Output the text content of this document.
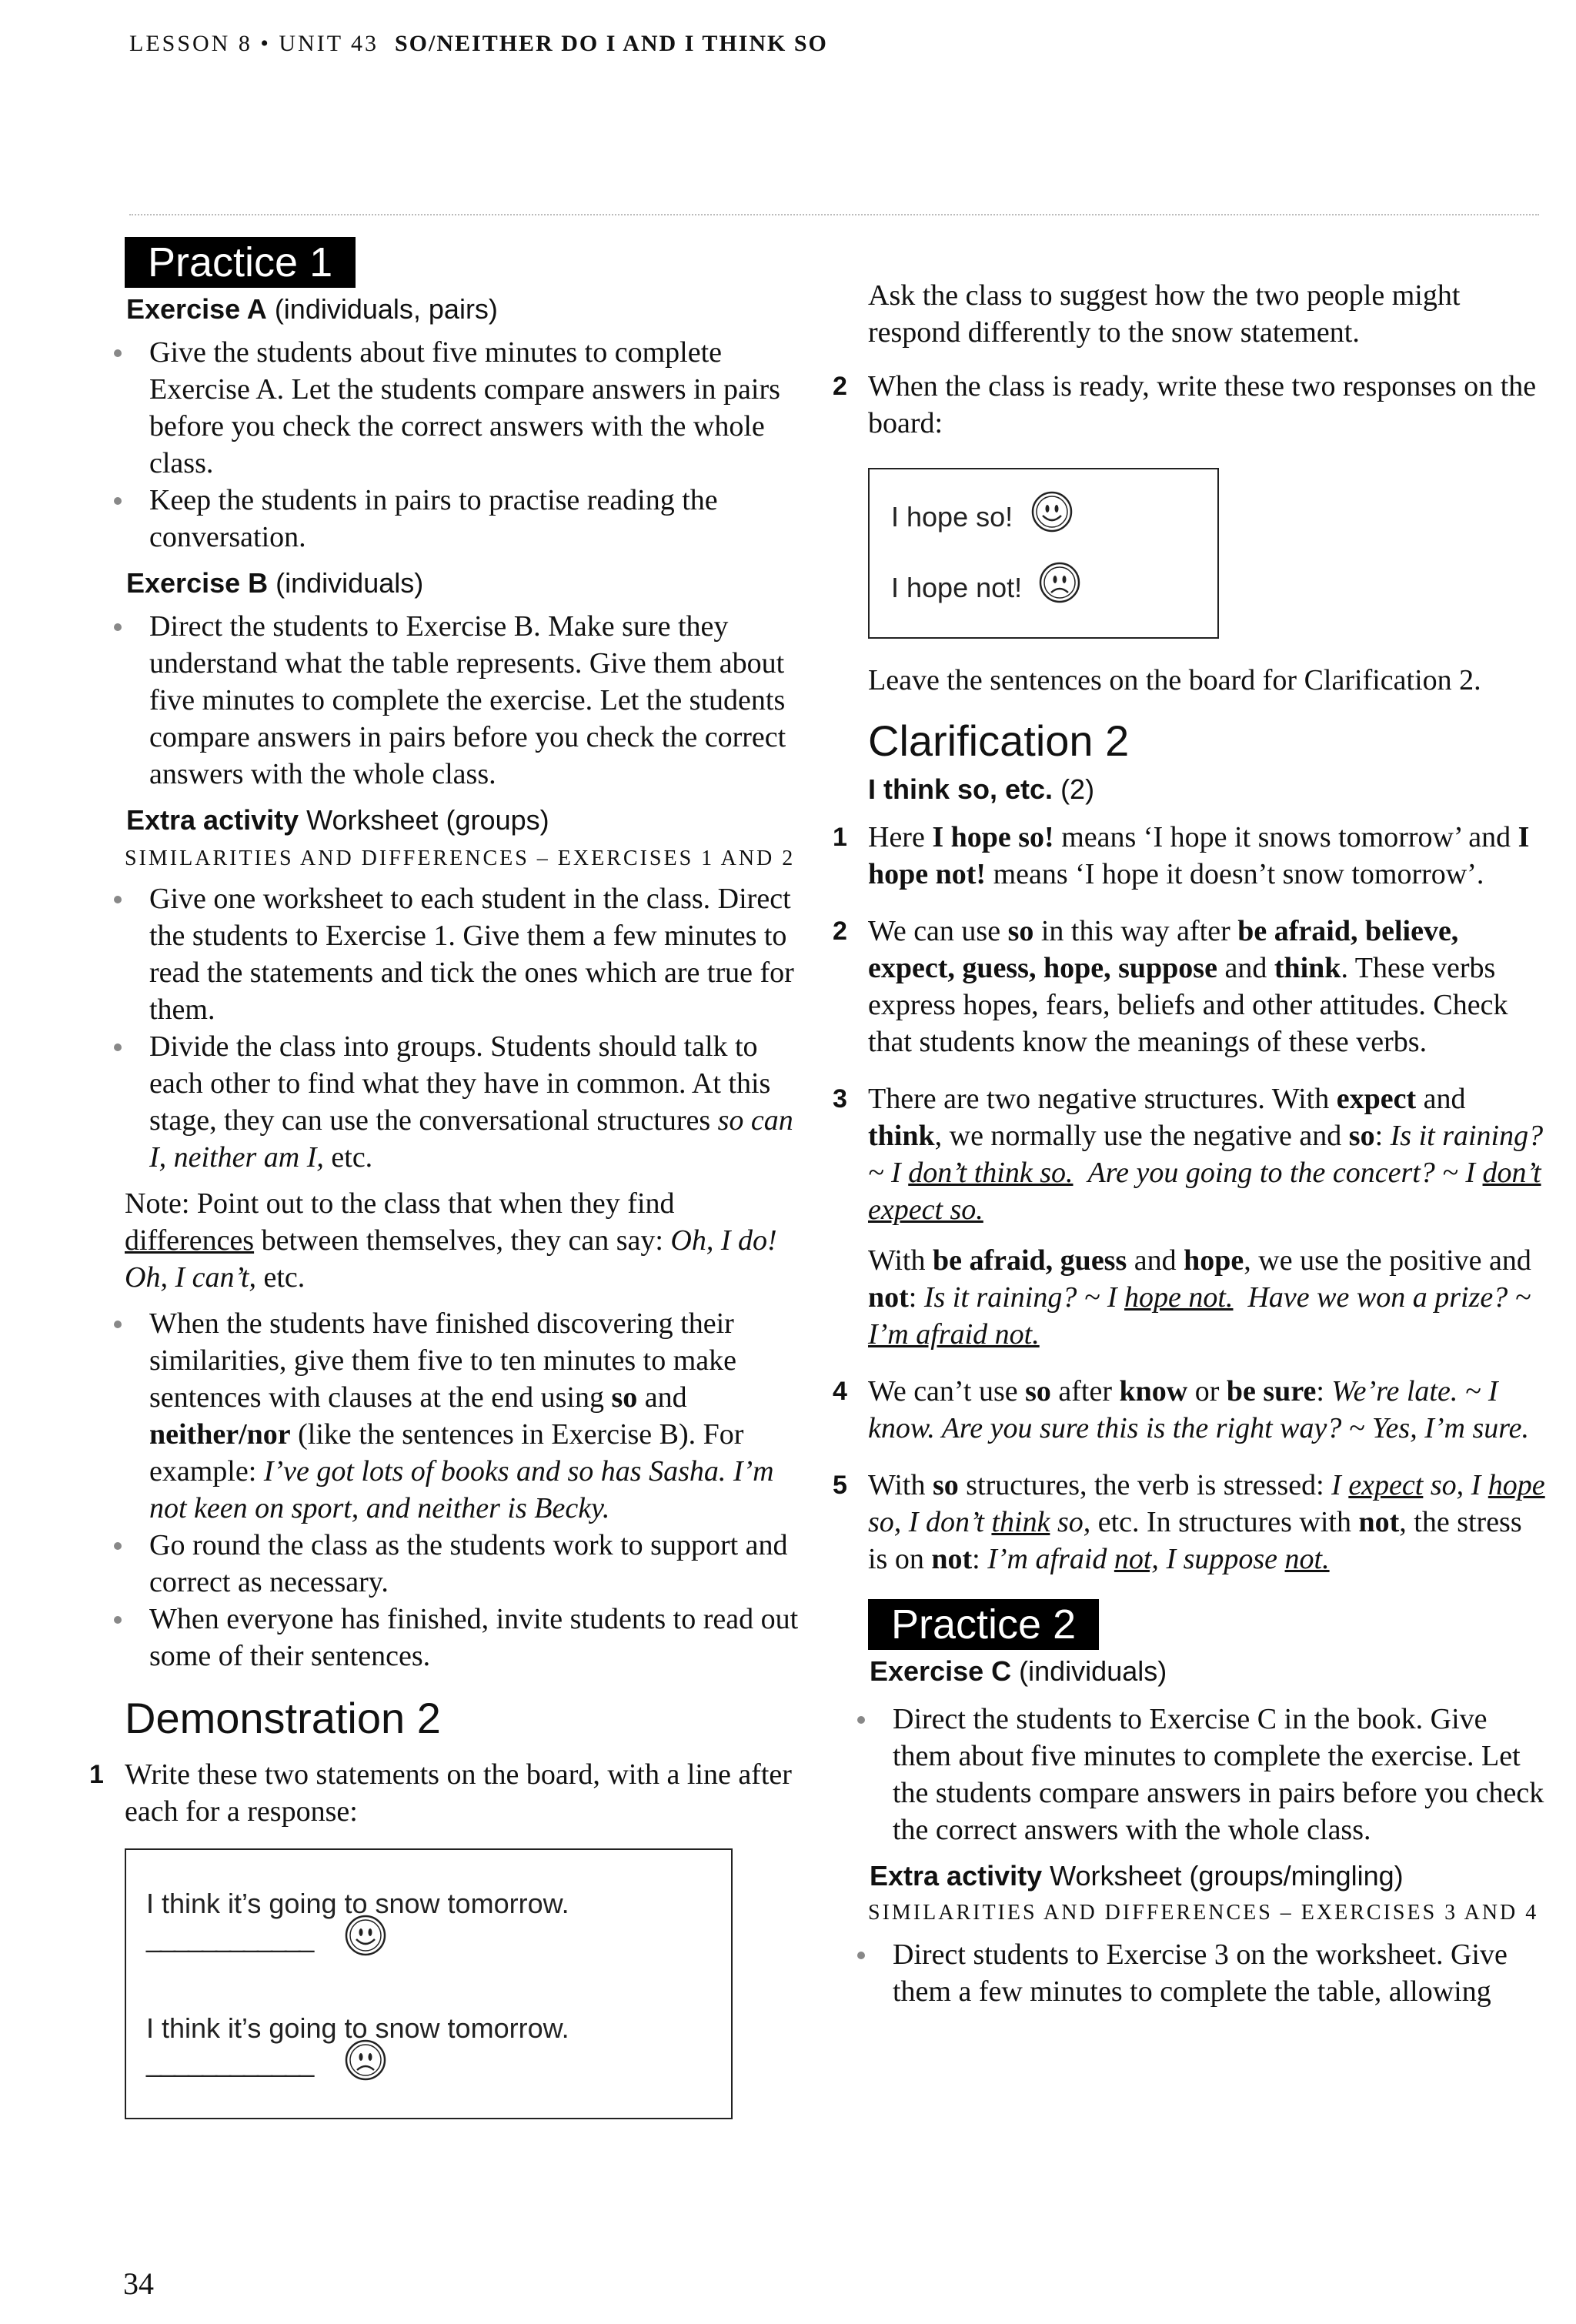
LESSON 8 • UNIT 43 SO/NEITHER DO I AND I THINK SO
Practice 1

Exercise A (individuals, pairs)

Give the students about five minutes to complete Exercise A. Let the students compare answers in pairs before you check the correct answers with the whole class.

Keep the students in pairs to practise reading the conversation.

Exercise B (individuals)

Direct the students to Exercise B. Make sure they understand what the table represents. Give them about five minutes to complete the exercise. Let the students compare answers in pairs before you check the correct answers with the whole class.

Extra activity Worksheet (groups)

SIMILARITIES AND DIFFERENCES – EXERCISES 1 AND 2

Give one worksheet to each student in the class. Direct the students to Exercise 1. Give them a few minutes to read the statements and tick the ones which are true for them.

Divide the class into groups. Students should talk to each other to find what they have in common. At this stage, they can use the conversational structures so can I, neither am I, etc.

Note: Point out to the class that when they find differences between themselves, they can say: Oh, I do! Oh, I can’t, etc.

When the students have finished discovering their similarities, give them five to ten minutes to make sentences with clauses at the end using so and neither/nor (like the sentences in Exercise B). For example: I’ve got lots of books and so has Sasha. I’m not keen on sport, and neither is Becky.

Go round the class as the students work to support and correct as necessary.

When everyone has finished, invite students to read out some of their sentences.

Demonstration 2

1 Write these two statements on the board, with a line after each for a response:

I think it’s going to snow tomorrow.
____________
I think it’s going to snow tomorrow.
____________

Ask the class to suggest how the two people might respond differently to the snow statement.

2 When the class is ready, write these two responses on the board:

I hope so!
I hope not!

Leave the sentences on the board for Clarification 2.

Clarification 2

I think so, etc. (2)

1 Here I hope so! means ‘I hope it snows tomorrow’ and I hope not! means ‘I hope it doesn’t snow tomorrow’.

2 We can use so in this way after be afraid, believe, expect, guess, hope, suppose and think. These verbs express hopes, fears, beliefs and other attitudes. Check that students know the meanings of these verbs.

3 There are two negative structures. With expect and think, we normally use the negative and so: Is it raining? ~ I don’t think so. Are you going to the concert? ~ I don’t expect so.

With be afraid, guess and hope, we use the positive and not: Is it raining? ~ I hope not. Have we won a prize? ~ I’m afraid not.

4 We can’t use so after know or be sure: We’re late. ~ I know. Are you sure this is the right way? ~ Yes, I’m sure.

5 With so structures, the verb is stressed: I expect so, I hope so, I don’t think so, etc. In structures with not, the stress is on not: I’m afraid not, I suppose not.

Practice 2

Exercise C (individuals)

Direct the students to Exercise C in the book. Give them about five minutes to complete the exercise. Let the students compare answers in pairs before you check the correct answers with the whole class.

Extra activity Worksheet (groups/mingling)

SIMILARITIES AND DIFFERENCES – EXERCISES 3 AND 4

Direct students to Exercise 3 on the worksheet. Give them a few minutes to complete the table, allowing

34
